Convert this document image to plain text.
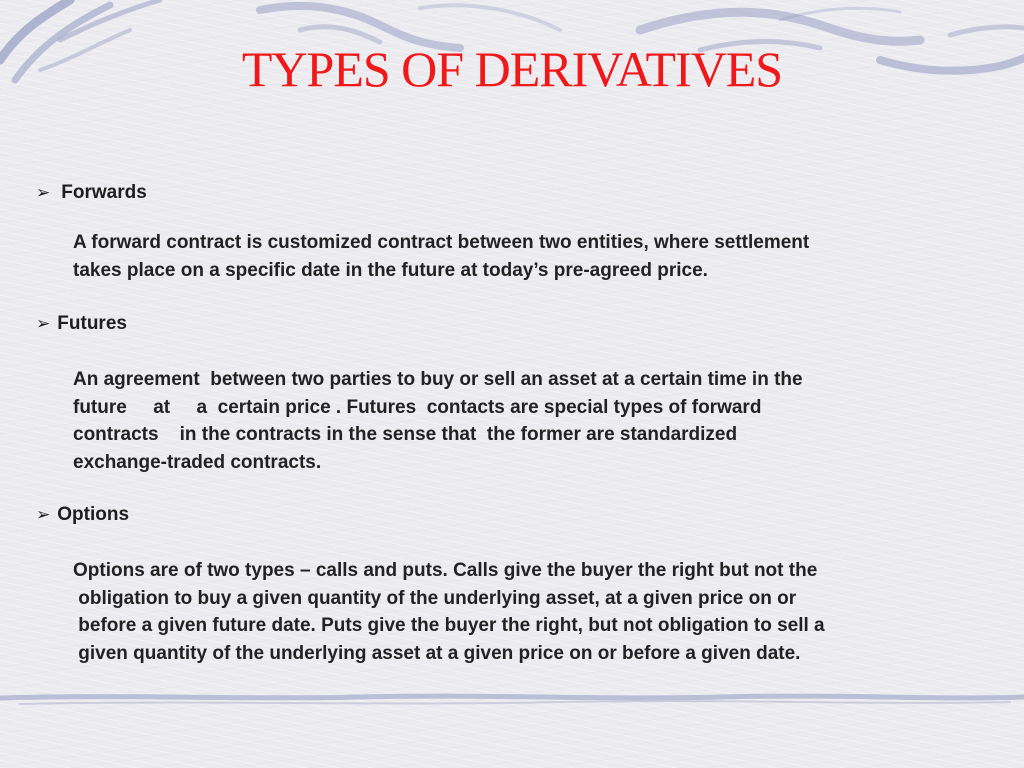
TYPES OF DERIVATIVES
➢ Forwards
A forward contract is customized contract between two entities, where settlement
takes place on a specific date in the future at today’s pre-agreed price.
➢ Futures
An agreement  between two parties to buy or sell an asset at a certain time in the
future     at     a  certain price . Futures  contacts are special types of forward
contracts    in the contracts in the sense that  the former are standardized
exchange-traded contracts.
➢ Options
Options are of two types – calls and puts. Calls give the buyer the right but not the
obligation to buy a given quantity of the underlying asset, at a given price on or
before a given future date. Puts give the buyer the right, but not obligation to sell a
given quantity of the underlying asset at a given price on or before a given date.
